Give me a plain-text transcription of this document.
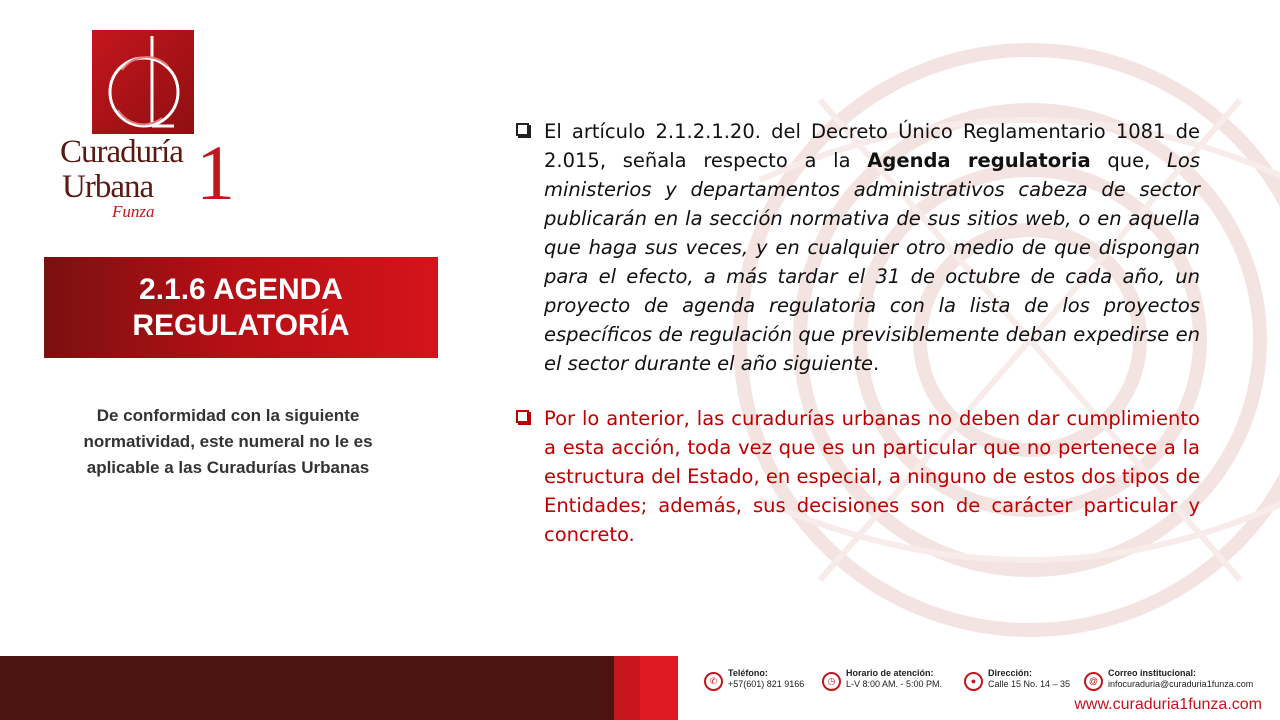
Curaduría
Urbana 1
Funza
2.1.6 AGENDA
REGULATORÍA
De conformidad con la siguiente normatividad, este numeral no le es aplicable a las Curadurías Urbanas
El artículo 2.1.2.1.20. del Decreto Único Reglamentario 1081 de 2.015, señala respecto a la Agenda regulatoria que, Los ministerios y departamentos administrativos cabeza de sector publicarán en la sección normativa de sus sitios web, o en aquella que haga sus veces, y en cualquier otro medio de que dispongan para el efecto, a más tardar el 31 de octubre de cada año, un proyecto de agenda regulatoria con la lista de los proyectos específicos de regulación que previsiblemente deban expedirse en el sector durante el año siguiente.
Por lo anterior, las curadurías urbanas no deben dar cumplimiento a esta acción, toda vez que es un particular que no pertenece a la estructura del Estado, en especial, a ninguno de estos dos tipos de Entidades; además, sus decisiones son de carácter particular y concreto.
✆
Teléfono:
+57(601) 821 9166	◷
Horario de atención:
L-V 8:00 AM. - 5:00 PM.	●
Dirección:
Calle 15 No. 14 – 35	@
Correo institucional:
infocuraduria@curaduria1funza.com
www.curaduria1funza.com
